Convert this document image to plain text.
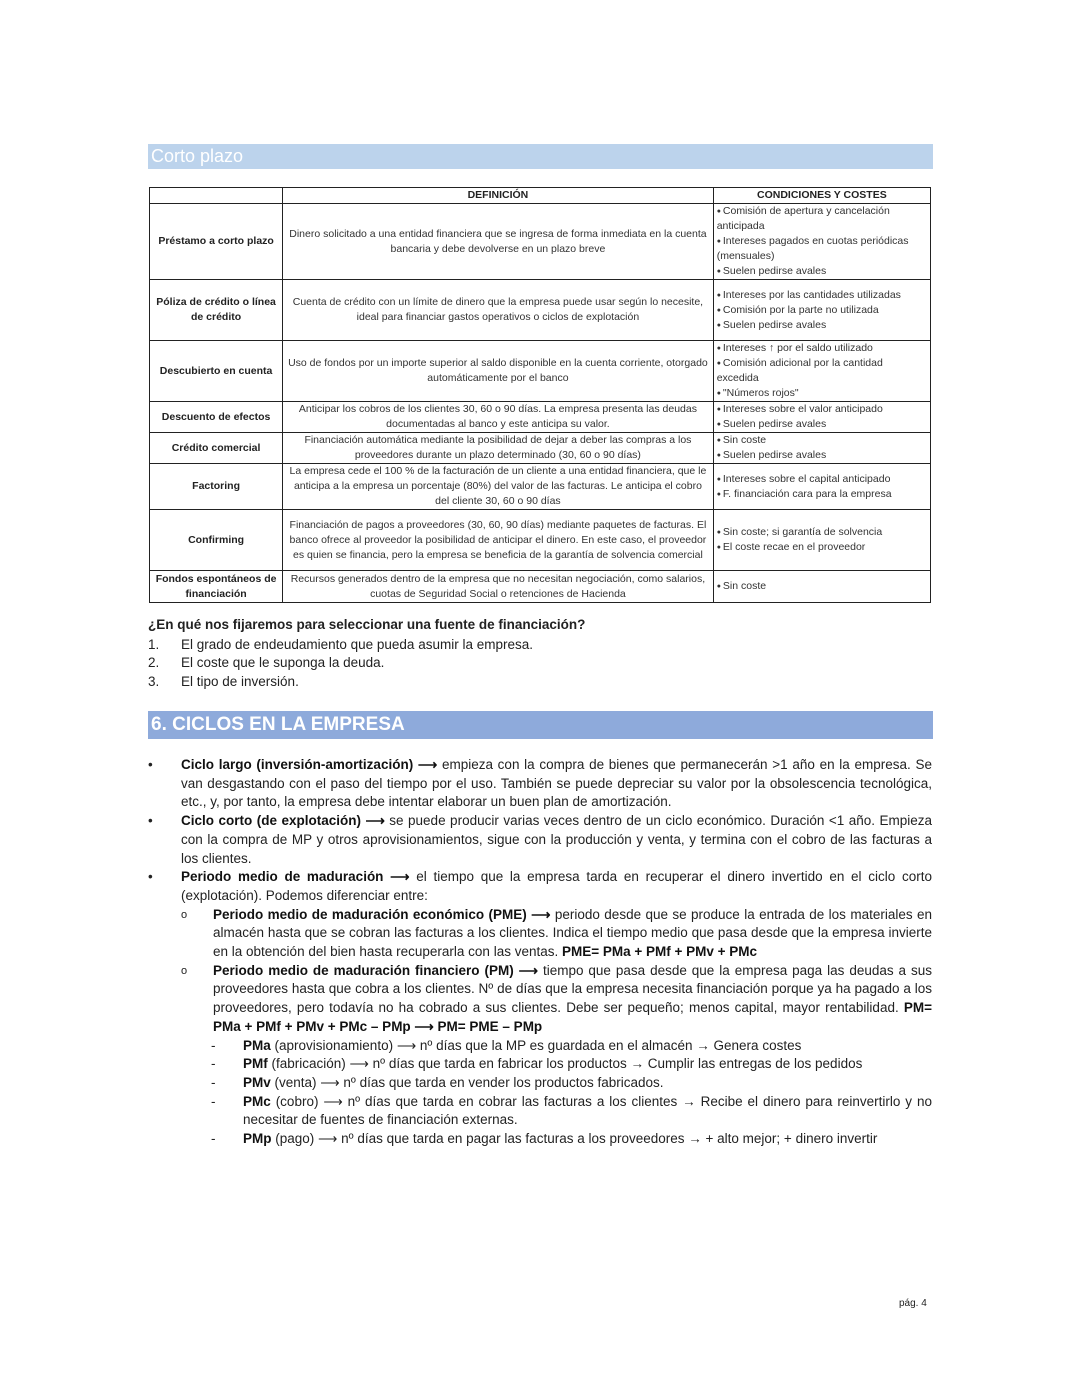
Corto plazo
	DEFINICIÓN	CONDICIONES Y COSTES
Préstamo a corto plazo	Dinero solicitado a una entidad financiera que se ingresa de forma inmediata en la cuenta bancaria y debe devolverse en un plazo breve	● Comisión de apertura y cancelación anticipada
● Intereses pagados en cuotas periódicas (mensuales)
● Suelen pedirse avales

Póliza de crédito o línea de crédito	Cuenta de crédito con un límite de dinero que la empresa puede usar según lo necesite, ideal para financiar gastos operativos o ciclos de explotación	● Intereses por las cantidades utilizadas
● Comisión por la parte no utilizada
● Suelen pedirse avales

Descubierto en cuenta	Uso de fondos por un importe superior al saldo disponible en la cuenta corriente, otorgado automáticamente por el banco	● Intereses ↑ por el saldo utilizado
● Comisión adicional por la cantidad excedida
● "Números rojos"

Descuento de efectos	Anticipar los cobros de los clientes 30, 60 o 90 días. La empresa presenta las deudas documentadas al banco y este anticipa su valor.	● Intereses sobre el valor anticipado
● Suelen pedirse avales

Crédito comercial	Financiación automática mediante la posibilidad de dejar a deber las compras a los proveedores durante un plazo determinado (30, 60 o 90 días)	● Sin coste
● Suelen pedirse avales

Factoring	La empresa cede el 100 % de la facturación de un cliente a una entidad financiera, que le anticipa a la empresa un porcentaje (80%) del valor de las facturas. Le anticipa el cobro del cliente 30, 60 o 90 días	● Intereses sobre el capital anticipado
● F. financiación cara para la empresa

Confirming	Financiación de pagos a proveedores (30, 60, 90 días) mediante paquetes de facturas. El banco ofrece al proveedor la posibilidad de anticipar el dinero. En este caso, el proveedor es quien se financia, pero la empresa se beneficia de la garantía de solvencia comercial	● Sin coste; si garantía de solvencia
● El coste recae en el proveedor

Fondos espontáneos de financiación	Recursos generados dentro de la empresa que no necesitan negociación, como salarios, cuotas de Seguridad Social o retenciones de Hacienda	● Sin coste
¿En qué nos fijaremos para seleccionar una fuente de financiación?
1. El grado de endeudamiento que pueda asumir la empresa.
2. El coste que le suponga la deuda.
3. El tipo de inversión.
6. CICLOS EN LA EMPRESA
• Ciclo largo (inversión-amortización) ⟶ empieza con la compra de bienes que permanecerán >1 año en la empresa. Se van desgastando con el paso del tiempo por el uso. También se puede depreciar su valor por la obsolescencia tecnológica, etc., y, por tanto, la empresa debe intentar elaborar un buen plan de amortización.
• Ciclo corto (de explotación) ⟶ se puede producir varias veces dentro de un ciclo económico. Duración <1 año. Empieza con la compra de MP y otros aprovisionamientos, sigue con la producción y venta, y termina con el cobro de las facturas a los clientes.
• Periodo medio de maduración ⟶ el tiempo que la empresa tarda en recuperar el dinero invertido en el ciclo corto (explotación). Podemos diferenciar entre:
o Periodo medio de maduración económico (PME) ⟶ periodo desde que se produce la entrada de los materiales en almacén hasta que se cobran las facturas a los clientes. Indica el tiempo medio que pasa desde que la empresa invierte en la obtención del bien hasta recuperarla con las ventas. PME= PMa + PMf + PMv + PMc
o Periodo medio de maduración financiero (PM) ⟶ tiempo que pasa desde que la empresa paga las deudas a sus proveedores hasta que cobra a los clientes. Nº de días que la empresa necesita financiación porque ya ha pagado a los proveedores, pero todavía no ha cobrado a sus clientes. Debe ser pequeño; menos capital, mayor rentabilidad. PM= PMa + PMf + PMv + PMc – PMp ⟶ PM= PME – PMp
- PMa (aprovisionamiento) ⟶ nº días que la MP es guardada en el almacén → Genera costes
- PMf (fabricación) ⟶ nº días que tarda en fabricar los productos → Cumplir las entregas de los pedidos
- PMv (venta) ⟶ nº días que tarda en vender los productos fabricados.
- PMc (cobro) ⟶ nº días que tarda en cobrar las facturas a los clientes → Recibe el dinero para reinvertirlo y no necesitar de fuentes de financiación externas.
- PMp (pago) ⟶ nº días que tarda en pagar las facturas a los proveedores → + alto mejor; + dinero invertir
pág. 4
